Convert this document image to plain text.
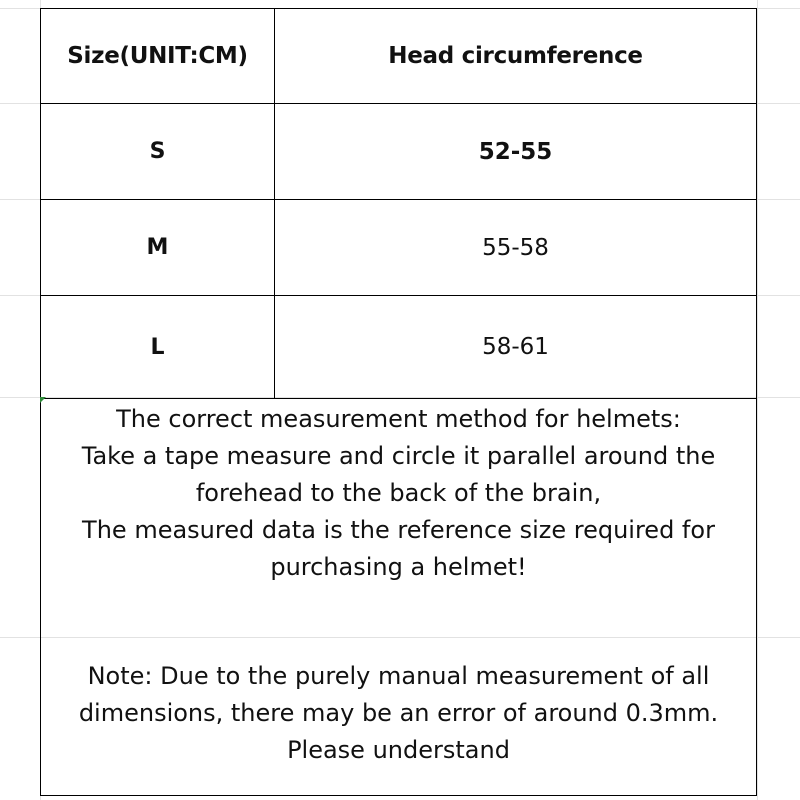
Size(UNIT:CM)	Head circumference
S	52-55
M	55-58
L	58-61
The correct measurement method for helmets:
Take a tape measure and circle it parallel around the
forehead to the back of the brain,
The measured data is the reference size required for
purchasing a helmet!
Note: Due to the purely manual measurement of all
dimensions, there may be an error of around 0.3mm.
Please understand
